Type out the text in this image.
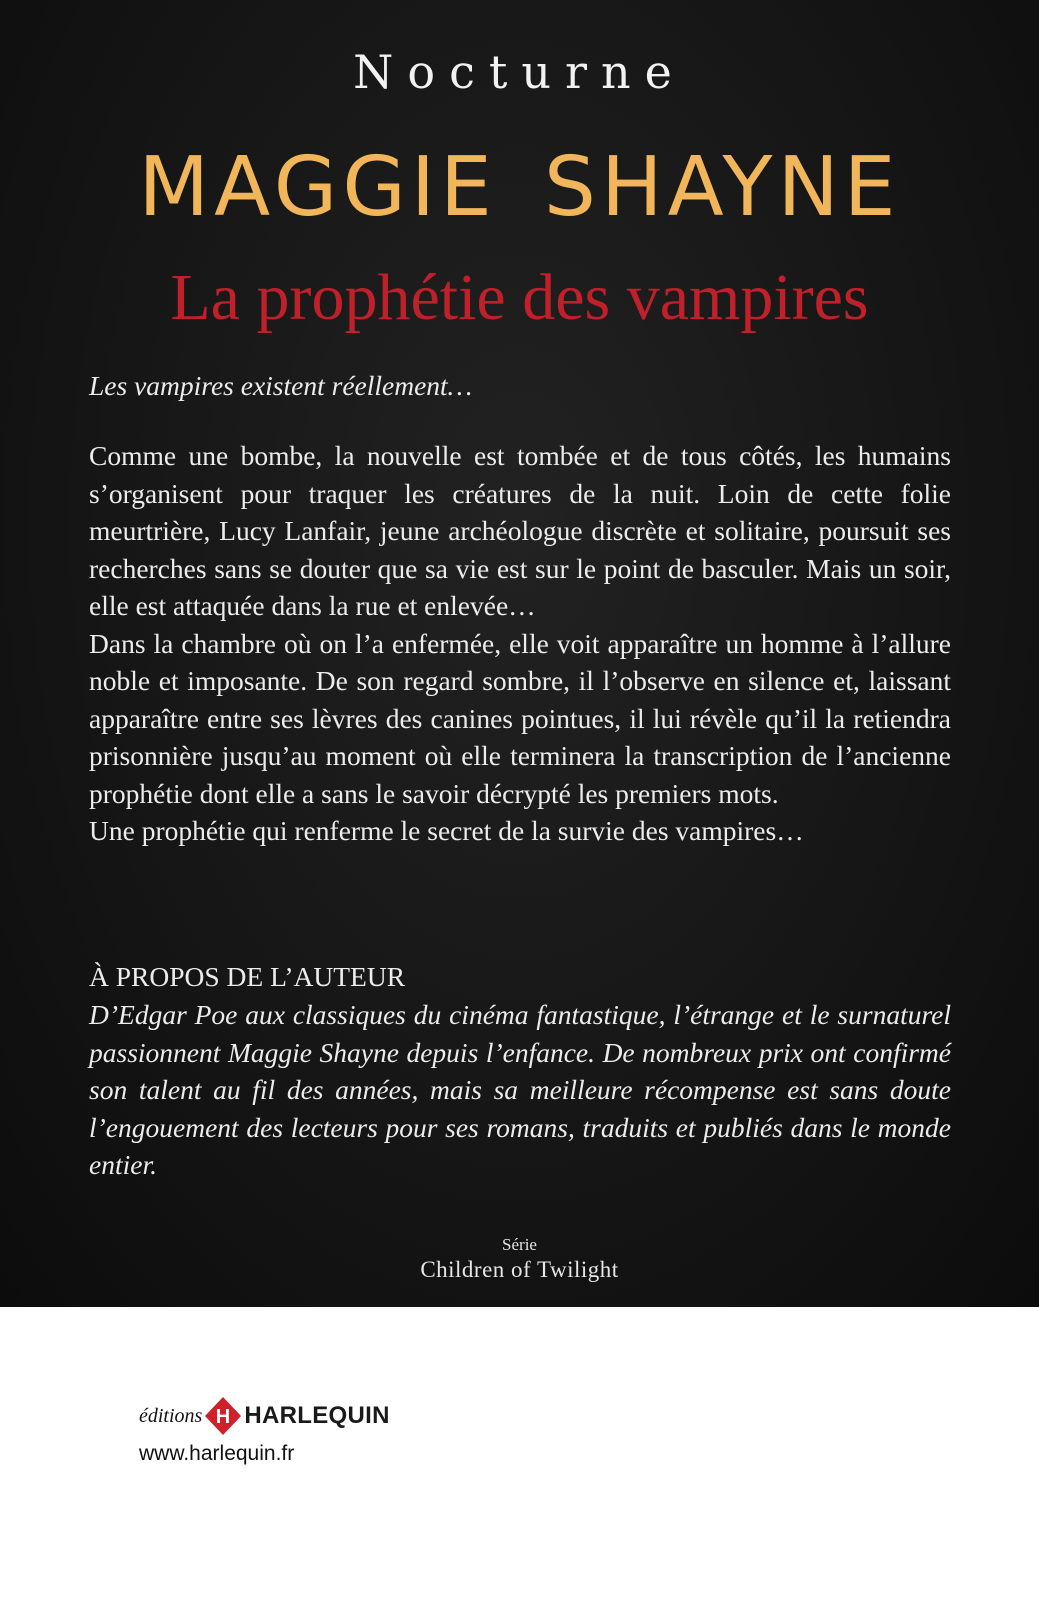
Nocturne
MAGGIE SHAYNE
La prophétie des vampires
Les vampires existent réellement…

Comme une bombe, la nouvelle est tombée et de tous côtés, les humains s’organisent pour traquer les créatures de la nuit. Loin de cette folie meurtrière, Lucy Lanfair, jeune archéologue discrète et solitaire, poursuit ses recherches sans se douter que sa vie est sur le point de basculer. Mais un soir, elle est attaquée dans la rue et enlevée…

Dans la chambre où on l’a enfermée, elle voit apparaître un homme à l’allure noble et imposante. De son regard sombre, il l’observe en silence et, laissant apparaître entre ses lèvres des canines pointues, il lui révèle qu’il la retiendra prisonnière jusqu’au moment où elle terminera la transcription de l’ancienne prophétie dont elle a sans le savoir décrypté les premiers mots.

Une prophétie qui renferme le secret de la survie des vampires…

À PROPOS DE L’AUTEUR
D’Edgar Poe aux classiques du cinéma fantastique, l’étrange et le surnaturel passionnent Maggie Shayne depuis l’enfance. De nombreux prix ont confirmé son talent au fil des années, mais sa meilleure récompense est sans doute l’engouement des lecteurs pour ses romans, traduits et publiés dans le monde entier.
Série
Children of Twilight
éditions H HARLEQUIN
www.harlequin.fr
